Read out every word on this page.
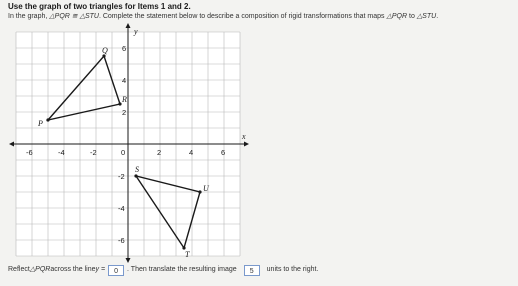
Use the graph of two triangles for Items 1 and 2.
In the graph, △PQR ≅ △STU. Complete the statement below to describe a composition of rigid transformations that maps △PQR to △STU.
x
y
-6	-4	-2	0	2	4	6
6
4
2
-2
-4
-6
P
Q
R
S
T
U
Reflect △PQR across the line y =	0	. Then translate the resulting image	5	units to the right.
